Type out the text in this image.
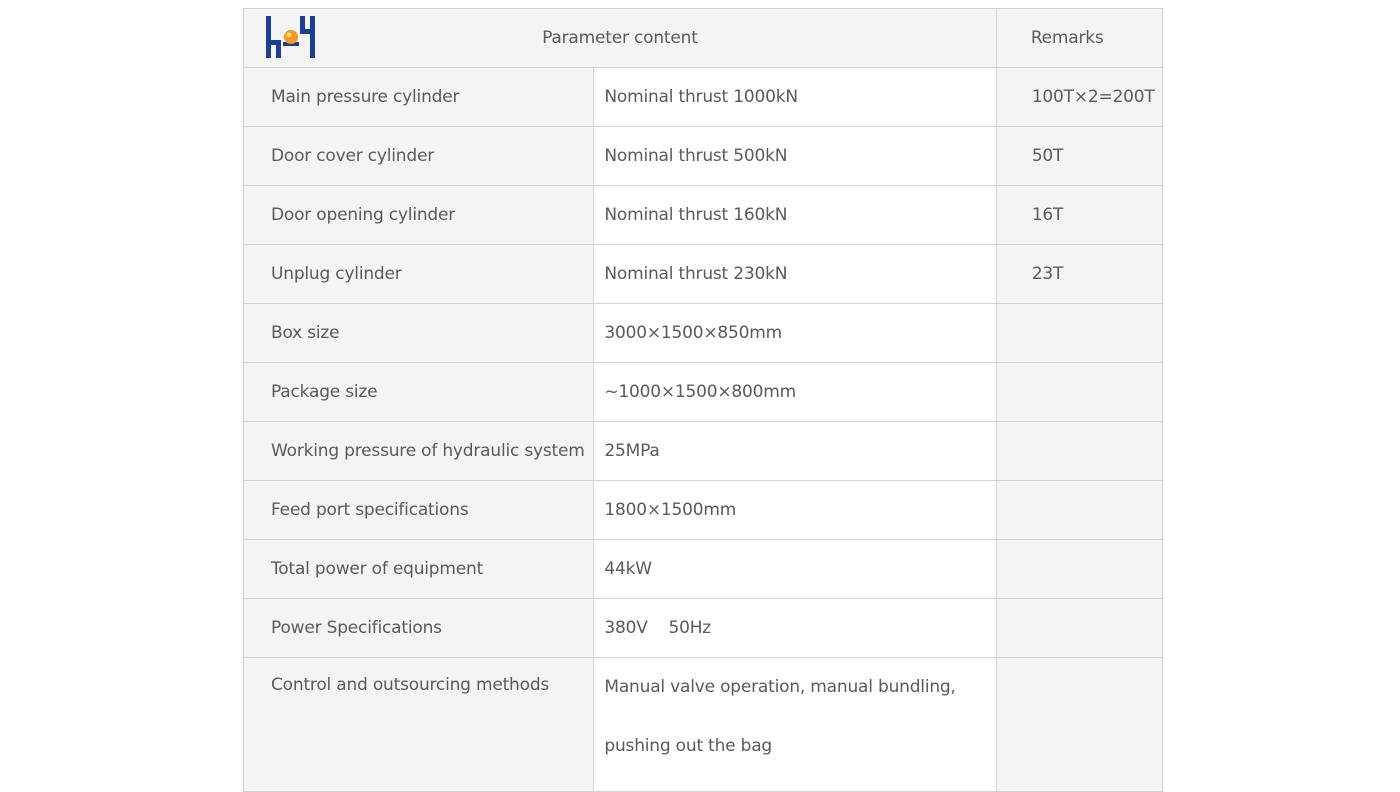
Parameter content		Remarks
Main pressure cylinder	Nominal thrust 1000kN	100T×2=200T
Door cover cylinder	Nominal thrust 500kN	50T
Door opening cylinder	Nominal thrust 160kN	16T
Unplug cylinder	Nominal thrust 230kN	23T
Box size	3000×1500×850mm	
Package size	~1000×1500×800mm	
Working pressure of hydraulic system	25MPa	
Feed port specifications	1800×1500mm	
Total power of equipment	44kW	
Power Specifications	380V    50Hz	
Control and outsourcing methods	Manual valve operation, manual bundling, pushing out the bag	
